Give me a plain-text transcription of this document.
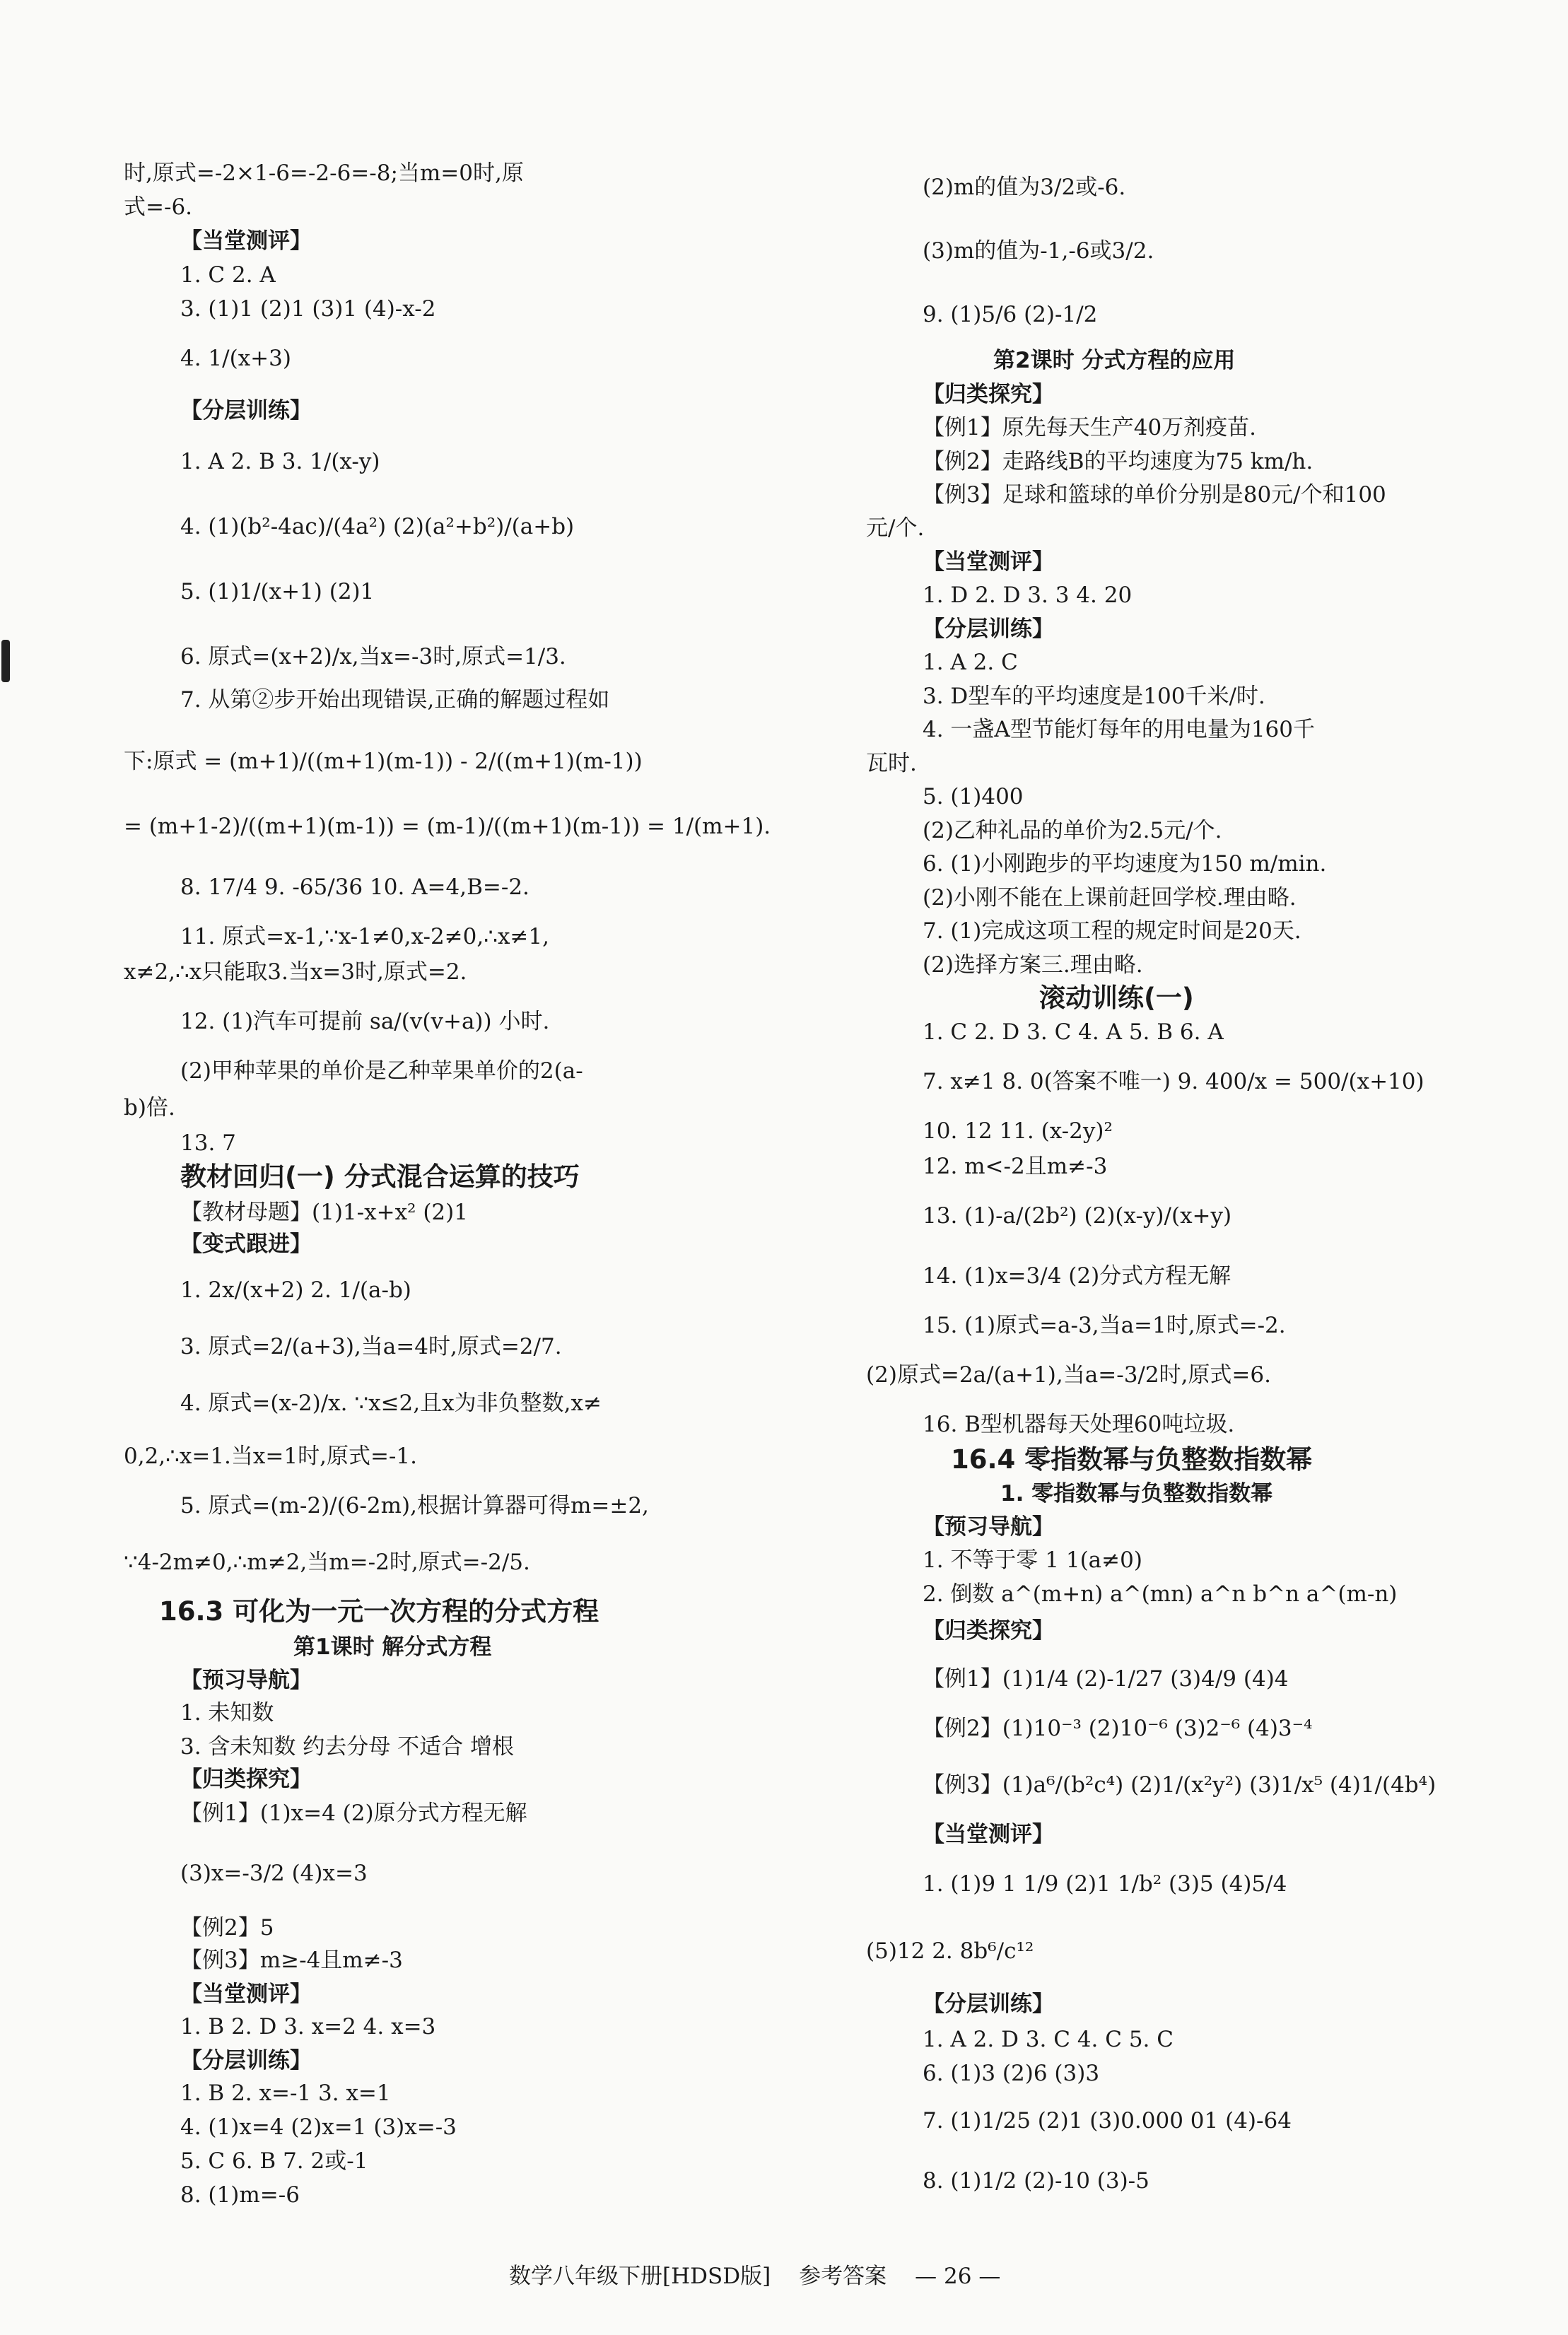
时,原式=-2×1-6=-2-6=-8;当m=0时,原
式=-6.
【当堂测评】
1. C 2. A
3. (1)1 (2)1 (3)1 (4)-x-2
4. 1/(x+3)
【分层训练】
1. A 2. B 3. 1/(x-y)
4. (1)(b²-4ac)/(4a²) (2)(a²+b²)/(a+b)
5. (1)1/(x+1) (2)1
6. 原式=(x+2)/x,当x=-3时,原式=1/3.
7. 从第②步开始出现错误,正确的解题过程如
下:原式 = (m+1)/((m+1)(m-1)) - 2/((m+1)(m-1))
= (m+1-2)/((m+1)(m-1)) = (m-1)/((m+1)(m-1)) = 1/(m+1).
8. 17/4 9. -65/36 10. A=4,B=-2.
11. 原式=x-1,∵x-1≠0,x-2≠0,∴x≠1,
x≠2,∴x只能取3.当x=3时,原式=2.
12. (1)汽车可提前 sa/(v(v+a)) 小时.
(2)甲种苹果的单价是乙种苹果单价的2(a-
b)倍.
13. 7
教材回归(一) 分式混合运算的技巧
【教材母题】(1)1-x+x² (2)1
【变式跟进】
1. 2x/(x+2) 2. 1/(a-b)
3. 原式=2/(a+3),当a=4时,原式=2/7.
4. 原式=(x-2)/x. ∵x≤2,且x为非负整数,x≠
0,2,∴x=1.当x=1时,原式=-1.
5. 原式=(m-2)/(6-2m),根据计算器可得m=±2,
∵4-2m≠0,∴m≠2,当m=-2时,原式=-2/5.
16.3 可化为一元一次方程的分式方程
第1课时 解分式方程
【预习导航】
1. 未知数
3. 含未知数 约去分母 不适合 增根
【归类探究】
【例1】(1)x=4 (2)原分式方程无解
(3)x=-3/2 (4)x=3
【例2】5
【例3】m≥-4且m≠-3
【当堂测评】
1. B 2. D 3. x=2 4. x=3
【分层训练】
1. B 2. x=-1 3. x=1
4. (1)x=4 (2)x=1 (3)x=-3
5. C 6. B 7. 2或-1
8. (1)m=-6
(2)m的值为3/2或-6.
(3)m的值为-1,-6或3/2.
9. (1)5/6 (2)-1/2
第2课时 分式方程的应用
【归类探究】
【例1】原先每天生产40万剂疫苗.
【例2】走路线B的平均速度为75 km/h.
【例3】足球和篮球的单价分别是80元/个和100
元/个.
【当堂测评】
1. D 2. D 3. 3 4. 20
【分层训练】
1. A 2. C
3. D型车的平均速度是100千米/时.
4. 一盏A型节能灯每年的用电量为160千
瓦时.
5. (1)400
(2)乙种礼品的单价为2.5元/个.
6. (1)小刚跑步的平均速度为150 m/min.
(2)小刚不能在上课前赶回学校.理由略.
7. (1)完成这项工程的规定时间是20天.
(2)选择方案三.理由略.
滚动训练(一)
1. C 2. D 3. C 4. A 5. B 6. A
7. x≠1 8. 0(答案不唯一) 9. 400/x = 500/(x+10)
10. 12 11. (x-2y)²
12. m<-2且m≠-3
13. (1)-a/(2b²) (2)(x-y)/(x+y)
14. (1)x=3/4 (2)分式方程无解
15. (1)原式=a-3,当a=1时,原式=-2.
(2)原式=2a/(a+1),当a=-3/2时,原式=6.
16. B型机器每天处理60吨垃圾.
16.4 零指数幂与负整数指数幂
1. 零指数幂与负整数指数幂
【预习导航】
1. 不等于零 1 1(a≠0)
2. 倒数 a^(m+n) a^(mn) a^n b^n a^(m-n)
【归类探究】
【例1】(1)1/4 (2)-1/27 (3)4/9 (4)4
【例2】(1)10⁻³ (2)10⁻⁶ (3)2⁻⁶ (4)3⁻⁴
【例3】(1)a⁶/(b²c⁴) (2)1/(x²y²) (3)1/x⁵ (4)1/(4b⁴)
【当堂测评】
1. (1)9 1 1/9 (2)1 1/b² (3)5 (4)5/4
(5)12 2. 8b⁶/c¹²
【分层训练】
1. A 2. D 3. C 4. C 5. C
6. (1)3 (2)6 (3)3
7. (1)1/25 (2)1 (3)0.000 01 (4)-64
8. (1)1/2 (2)-10 (3)-5
数学八年级下册[HDSD版] 参考答案 — 26 —
